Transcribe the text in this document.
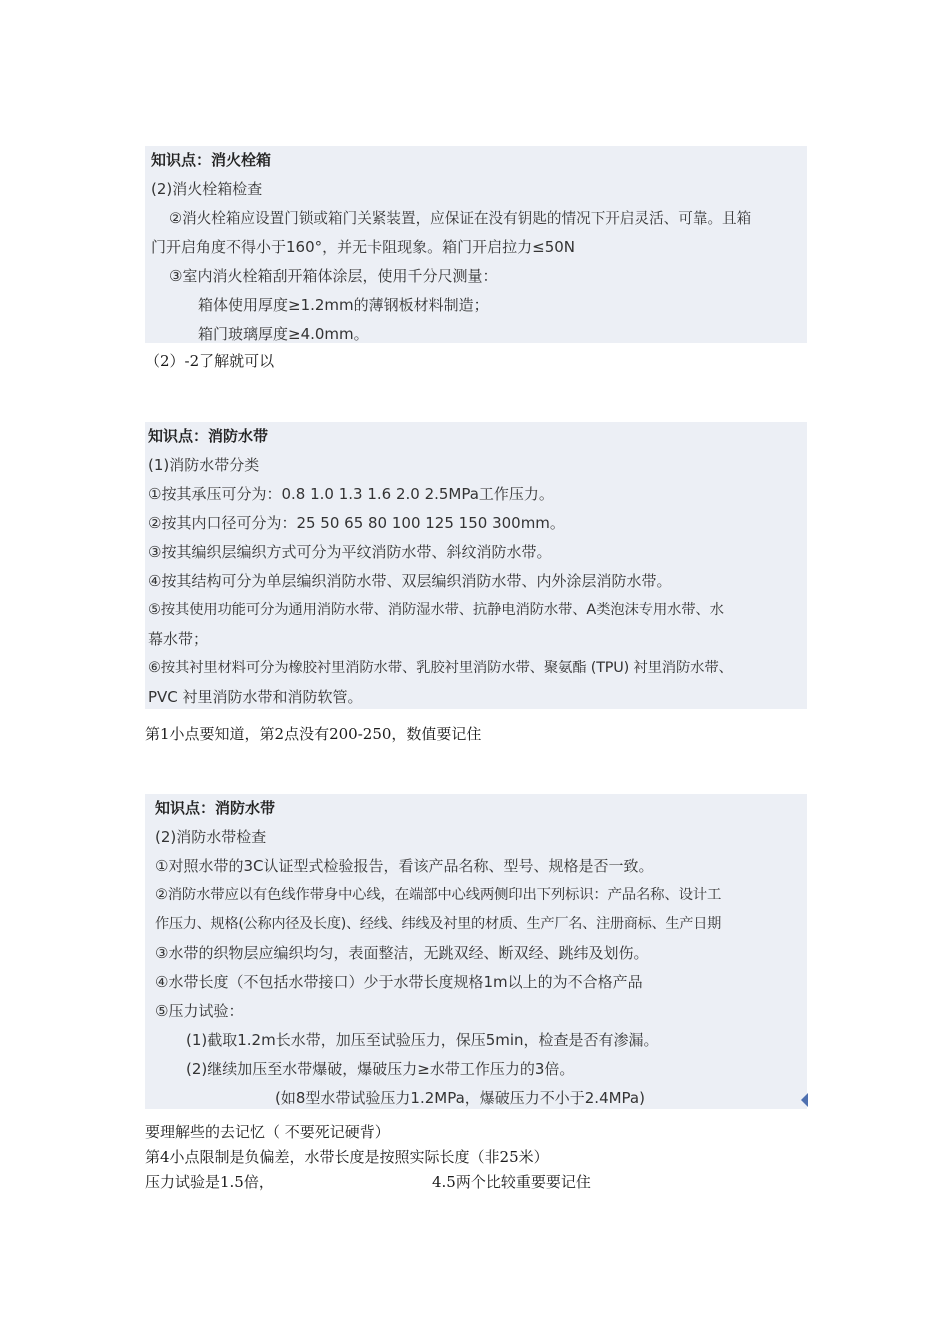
知识点：消火栓箱
(2)消火栓箱检查
②消火栓箱应设置门锁或箱门关紧装置，应保证在没有钥匙的情况下开启灵活、可靠。且箱
门开启角度不得小于160°，并无卡阻现象。箱门开启拉力≤50N
③室内消火栓箱刮开箱体涂层，使用千分尺测量：
箱体使用厚度≥1.2mm的薄钢板材料制造；
箱门玻璃厚度≥4.0mm。
（2）-2了解就可以
知识点：消防水带
(1)消防水带分类
①按其承压可分为：0.8 1.0 1.3 1.6 2.0 2.5MPa工作压力。
②按其内口径可分为：25 50 65 80 100 125 150 300mm。
③按其编织层编织方式可分为平纹消防水带、斜纹消防水带。
④按其结构可分为单层编织消防水带、双层编织消防水带、内外涂层消防水带。
⑤按其使用功能可分为通用消防水带、消防湿水带、抗静电消防水带、A类泡沫专用水带、水
幕水带；
⑥按其衬里材料可分为橡胶衬里消防水带、乳胶衬里消防水带、聚氨酯 (TPU) 衬里消防水带、
PVC 衬里消防水带和消防软管。
第1小点要知道，第2点没有200-250，数值要记住
知识点：消防水带
(2)消防水带检查
①对照水带的3C认证型式检验报告，看该产品名称、型号、规格是否一致。
②消防水带应以有色线作带身中心线，在端部中心线两侧印出下列标识：产品名称、设计工
作压力、规格(公称内径及长度)、经线、纬线及衬里的材质、生产厂名、注册商标、生产日期
③水带的织物层应编织均匀，表面整洁，无跳双经、断双经、跳纬及划伤。
④水带长度（不包括水带接口）少于水带长度规格1m以上的为不合格产品
⑤压力试验：
(1)截取1.2m长水带，加压至试验压力，保压5min，检查是否有渗漏。
(2)继续加压至水带爆破，爆破压力≥水带工作压力的3倍。
(如8型水带试验压力1.2MPa，爆破压力不小于2.4MPa)
要理解些的去记忆（ 不要死记硬背）
第4小点限制是负偏差，水带长度是按照实际长度（非25米）
压力试验是1.5倍，	4.5两个比较重要要记住
